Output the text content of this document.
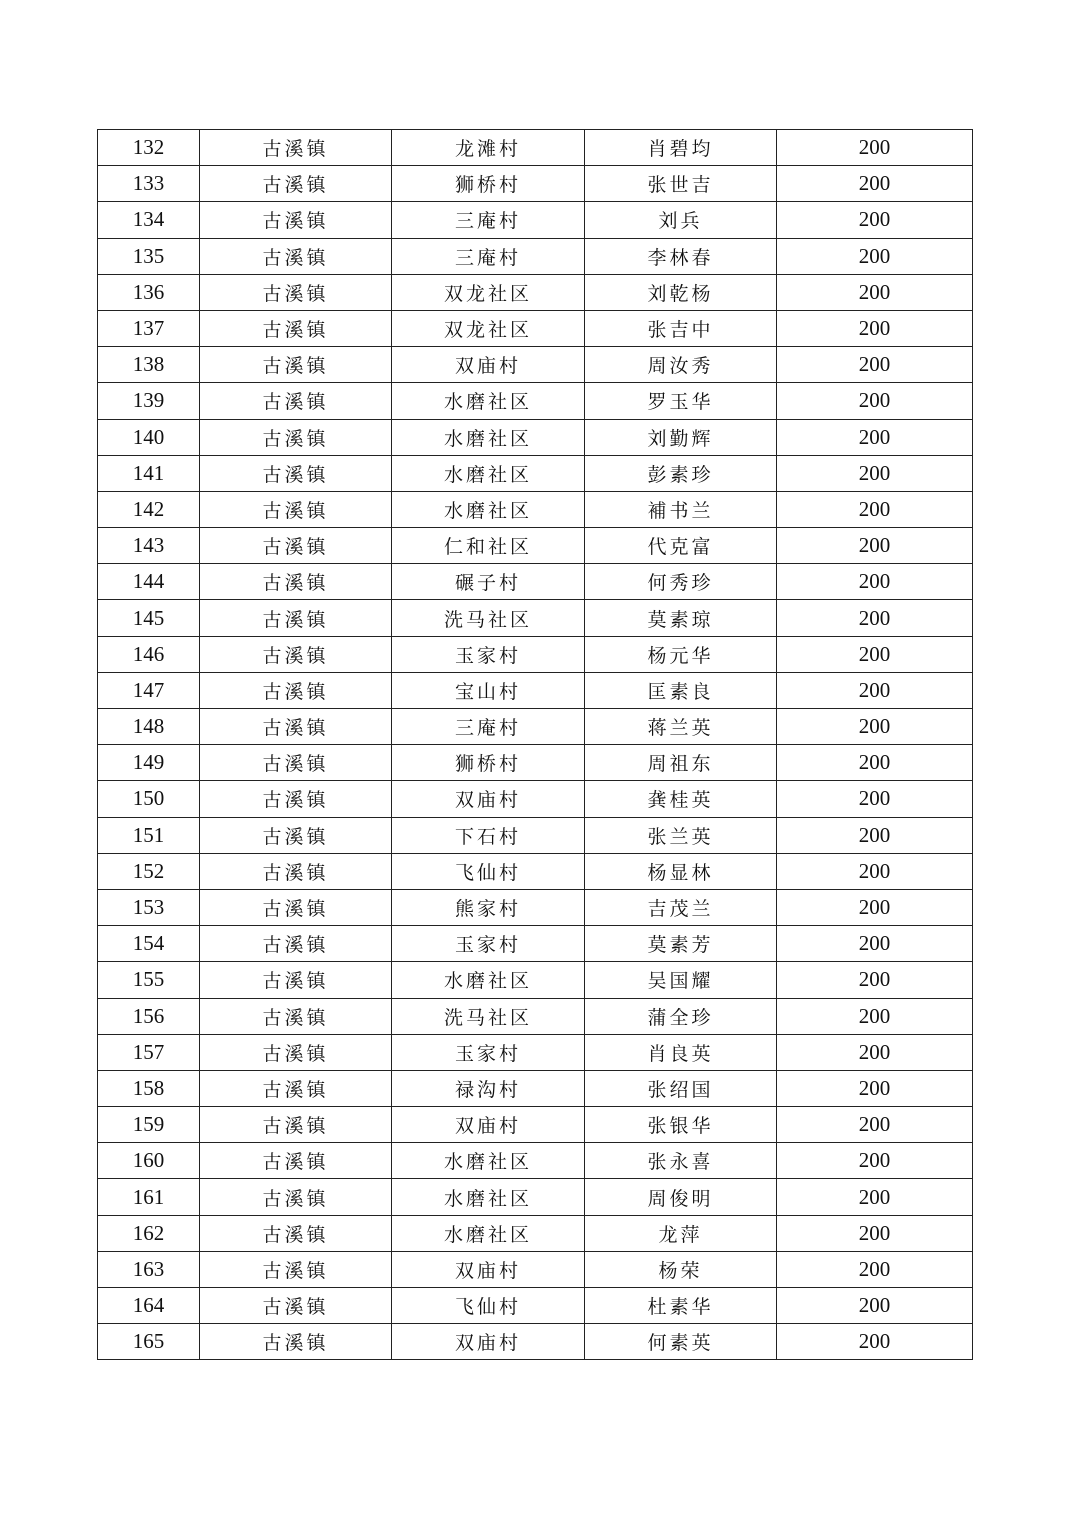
132	古溪镇	龙滩村	肖碧均	200
133	古溪镇	狮桥村	张世吉	200
134	古溪镇	三庵村	刘兵	200
135	古溪镇	三庵村	李林春	200
136	古溪镇	双龙社区	刘乾杨	200
137	古溪镇	双龙社区	张吉中	200
138	古溪镇	双庙村	周汝秀	200
139	古溪镇	水磨社区	罗玉华	200
140	古溪镇	水磨社区	刘勤辉	200
141	古溪镇	水磨社区	彭素珍	200
142	古溪镇	水磨社区	補书兰	200
143	古溪镇	仁和社区	代克富	200
144	古溪镇	碾子村	何秀珍	200
145	古溪镇	洗马社区	莫素琼	200
146	古溪镇	玉家村	杨元华	200
147	古溪镇	宝山村	匡素良	200
148	古溪镇	三庵村	蒋兰英	200
149	古溪镇	狮桥村	周祖东	200
150	古溪镇	双庙村	龚桂英	200
151	古溪镇	下石村	张兰英	200
152	古溪镇	飞仙村	杨显林	200
153	古溪镇	熊家村	吉茂兰	200
154	古溪镇	玉家村	莫素芳	200
155	古溪镇	水磨社区	吴国耀	200
156	古溪镇	洗马社区	蒲全珍	200
157	古溪镇	玉家村	肖良英	200
158	古溪镇	禄沟村	张绍国	200
159	古溪镇	双庙村	张银华	200
160	古溪镇	水磨社区	张永喜	200
161	古溪镇	水磨社区	周俊明	200
162	古溪镇	水磨社区	龙萍	200
163	古溪镇	双庙村	杨荣	200
164	古溪镇	飞仙村	杜素华	200
165	古溪镇	双庙村	何素英	200
